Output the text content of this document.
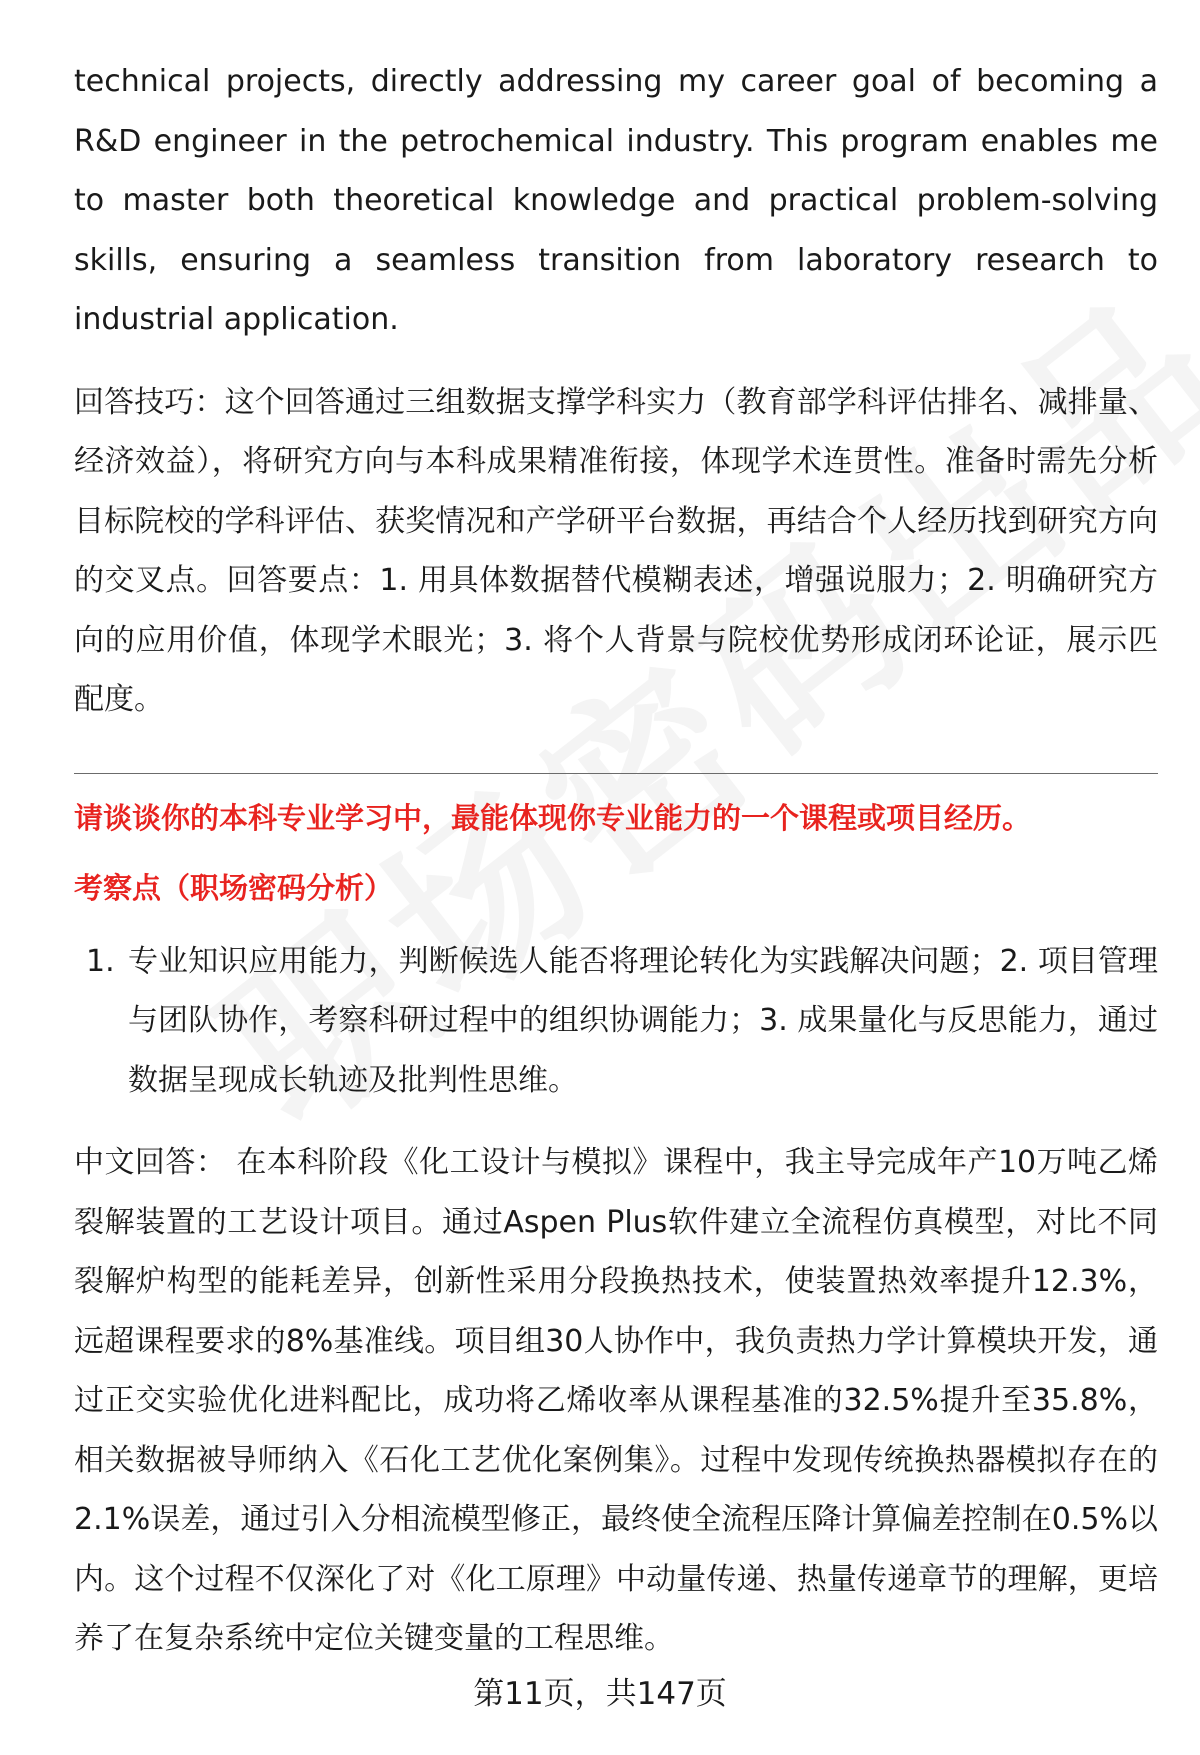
technical projects, directly addressing my career goal of becoming a R&D engineer in the petrochemical industry. This program enables me to master both theoretical knowledge and practical problem-solving skills, ensuring a seamless transition from laboratory research to industrial application.

回答技巧：这个回答通过三组数据支撑学科实力（教育部学科评估排名、减排量、经济效益），将研究方向与本科成果精准衔接，体现学术连贯性。准备时需先分析目标院校的学科评估、获奖情况和产学研平台数据，再结合个人经历找到研究方向的交叉点。回答要点：1. 用具体数据替代模糊表述，增强说服力；2. 明确研究方向的应用价值，体现学术眼光；3. 将个人背景与院校优势形成闭环论证，展示匹配度。

请谈谈你的本科专业学习中，最能体现你专业能力的一个课程或项目经历。

考察点（职场密码分析）

1. 专业知识应用能力，判断候选人能否将理论转化为实践解决问题；2. 项目管理与团队协作，考察科研过程中的组织协调能力；3. 成果量化与反思能力，通过数据呈现成长轨迹及批判性思维。

中文回答： 在本科阶段《化工设计与模拟》课程中，我主导完成年产10万吨乙烯裂解装置的工艺设计项目。通过Aspen Plus软件建立全流程仿真模型，对比不同裂解炉构型的能耗差异，创新性采用分段换热技术，使装置热效率提升12.3%，远超课程要求的8%基准线。项目组30人协作中，我负责热力学计算模块开发，通过正交实验优化进料配比，成功将乙烯收率从课程基准的32.5%提升至35.8%，相关数据被导师纳入《石化工艺优化案例集》。过程中发现传统换热器模拟存在的2.1%误差，通过引入分相流模型修正，最终使全流程压降计算偏差控制在0.5%以内。这个过程不仅深化了对《化工原理》中动量传递、热量传递章节的理解，更培养了在复杂系统中定位关键变量的工程思维。

第11页，共147页
